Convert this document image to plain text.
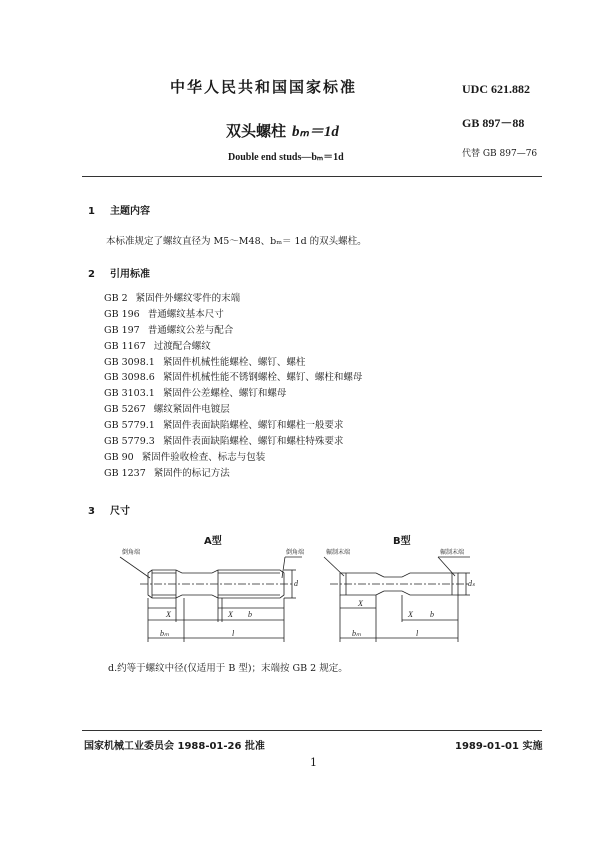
中华人民共和国国家标准	UDC 621.882
GB 897－88
代替 GB 897—76
双头螺柱 bₘ＝1d
Double end studs—bₘ＝1d
1 主题内容
本标准规定了螺纹直径为 M5～M48、bₘ＝ 1d 的双头螺柱。
2 引用标准
GB 2 紧固件外螺纹零件的末端
GB 196 普通螺纹基本尺寸
GB 197 普通螺纹公差与配合
GB 1167 过渡配合螺纹
GB 3098.1 紧固件机械性能螺栓、螺钉、螺柱
GB 3098.6 紧固件机械性能不锈钢螺栓、螺钉、螺柱和螺母
GB 3103.1 紧固件公差螺栓、螺钉和螺母
GB 5267 螺纹紧固件电镀层
GB 5779.1 紧固件表面缺陷螺栓、螺钉和螺柱一般要求
GB 5779.3 紧固件表面缺陷螺栓、螺钉和螺柱特殊要求
GB 90 紧固件验收检查、标志与包装
GB 1237 紧固件的标记方法
3 尺寸
A型	B型
倒角端	倒角端	辗制末端	辗制末端
d	dₛ
X	X b
bₘ	l
X
X b
bₘ	l
d.约等于螺纹中径(仅适用于 B 型)；末端按 GB 2 规定。
国家机械工业委员会 1988-01-26 批准	1989-01-01 实施
1
